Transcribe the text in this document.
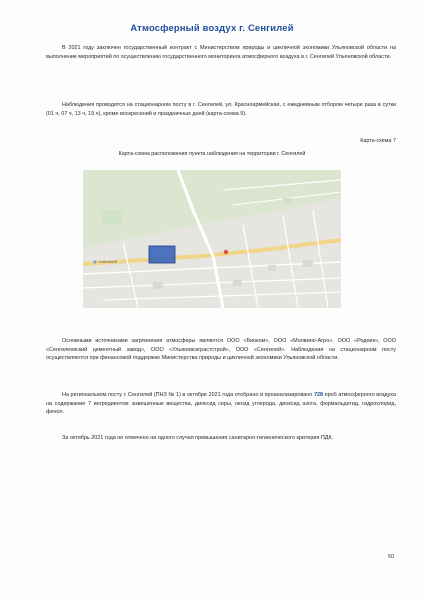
Атмосферный воздух г. Сенгилей
В 2021 году заключен государственный контракт с Министерством природы и цикличной экономики Ульяновской области на выполнение мероприятий по осуществлению государственного мониторинга атмосферного воздуха в г. Сенгилей Ульяновской области.
Наблюдения проводятся на стационарном посту в г. Сенгилей, ул. Красноармейская, с ежедневным отбором четыре раза в сутки (01 ч, 07 ч, 13 ч, 19 ч), кроме воскресений и праздничных дней (карта-схема 9).
Карта-схема 7
Карта-схема расположения пункта наблюдения на территории г. Сенгилей
Сенгилей
Основными источниками загрязнения атмосферы являются ООО «Биоком», ООО «Молвино-Агро», ООО «Родник», ООО «Сенгилеевский цементный завод», ООО «Ульяновскграстстрой», ООО «Сенгилей». Наблюдения на стационарном посту осуществляются при финансовой поддержке Министерства природы и цикличной экономики Ульяновской области.
На региональном посту г. Сенгилей (ПНЗ № 1) в октябре 2021 года отобрано и проанализировано 728 проб атмосферного воздуха на содержание 7 ингредиентов: взвешенные вещества, диоксид серы, оксид углерода, диоксид азота, формальдегид, гидрохлорид, фенол.
За октябрь 2021 года не отмечено ни одного случая превышения санитарно-гигиенического критерия ПДК.
50
